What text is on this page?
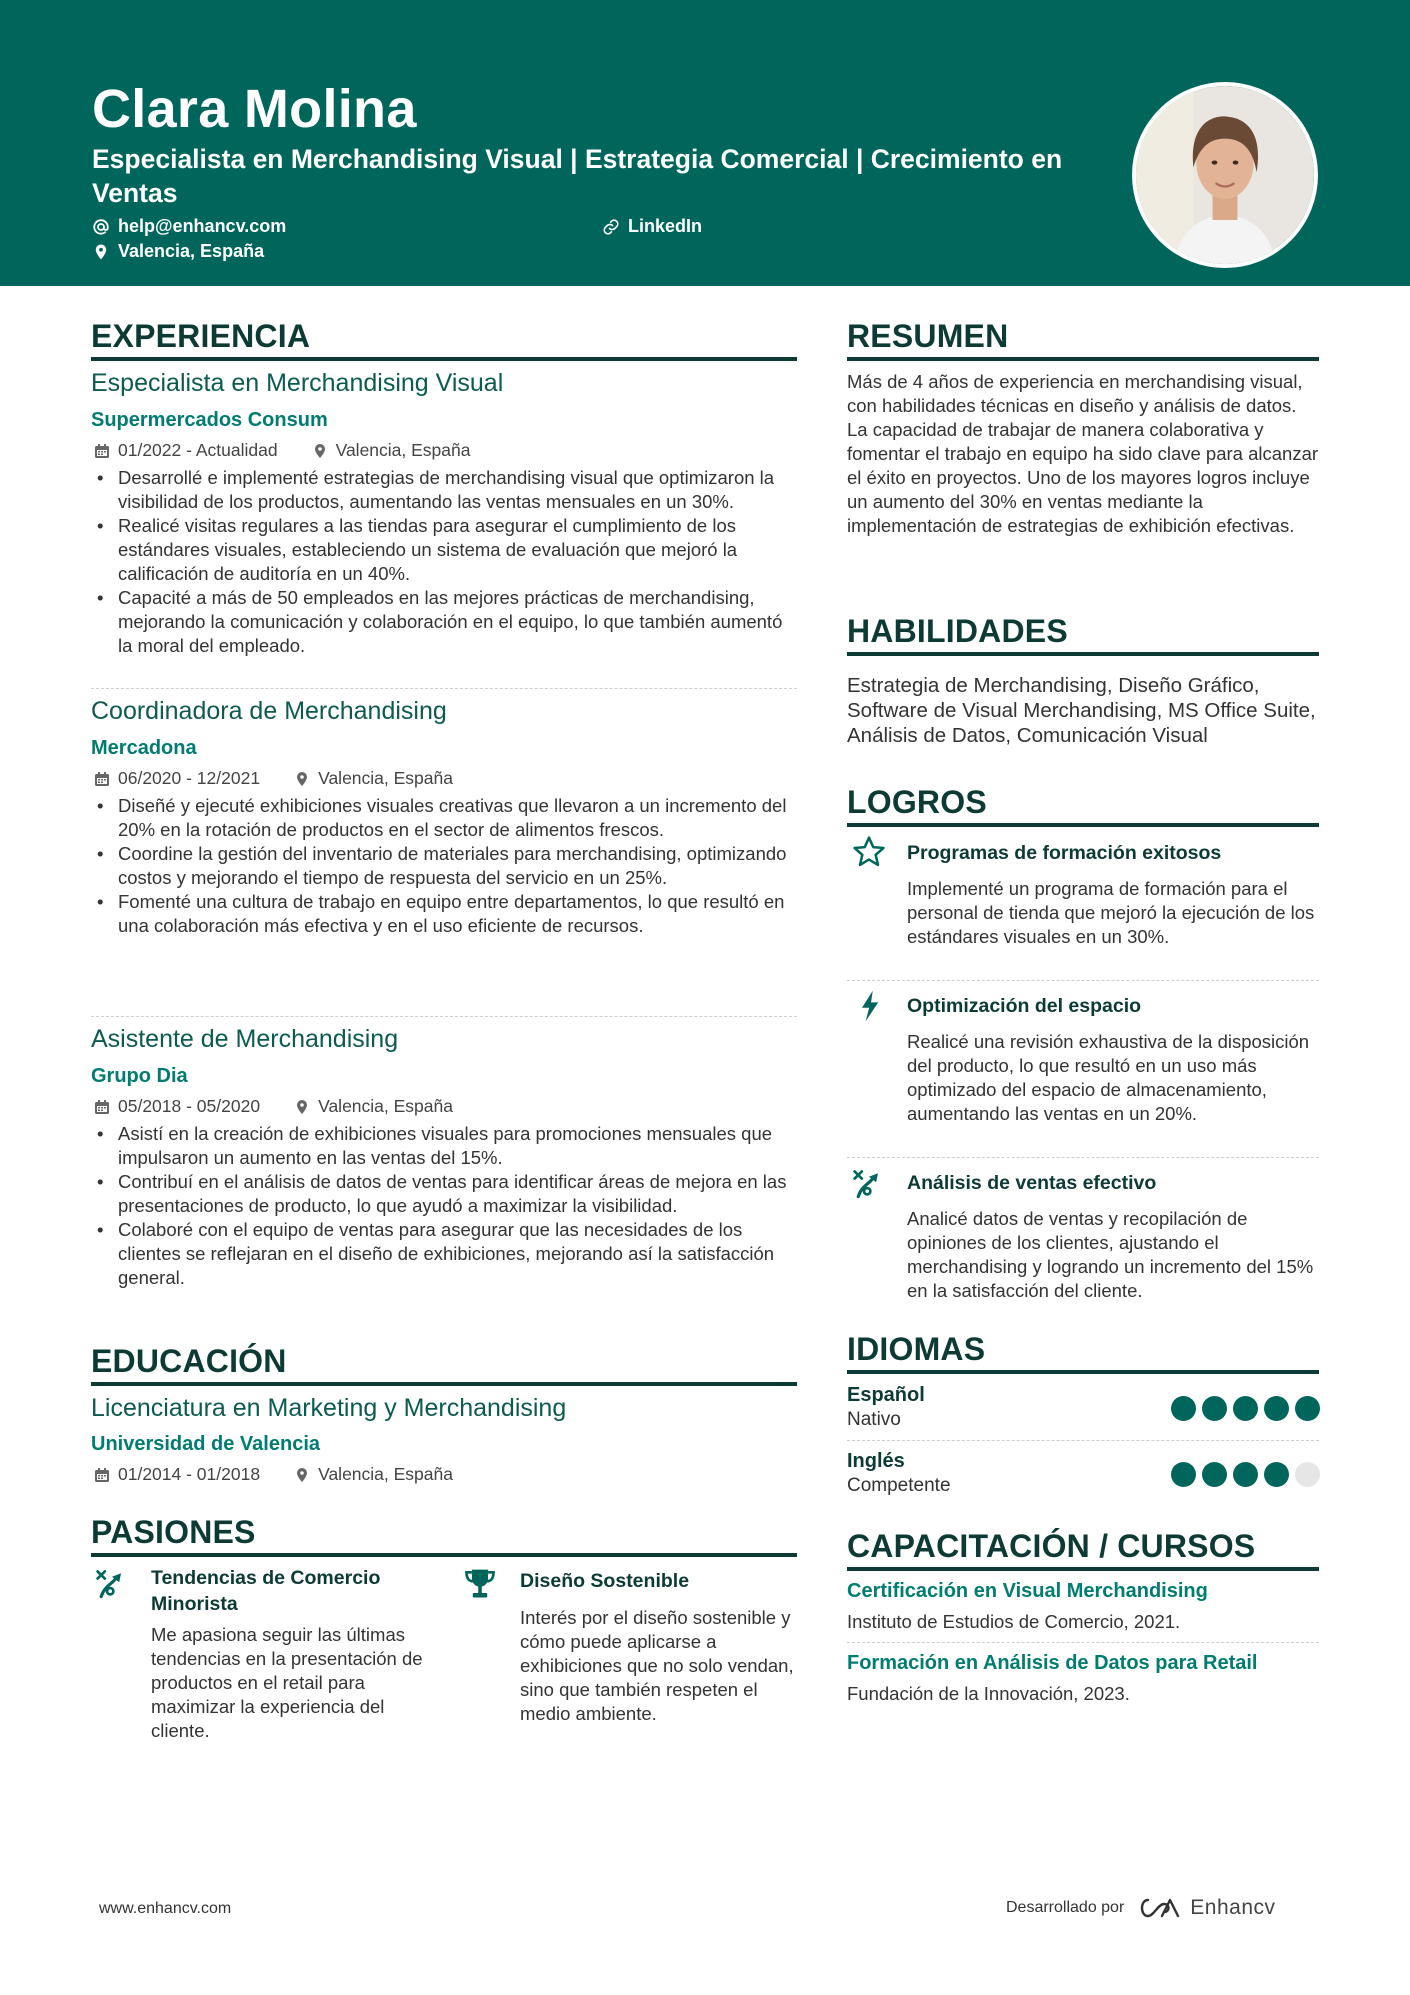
Clara Molina
Especialista en Merchandising Visual | Estrategia Comercial | Crecimiento en Ventas
help@enhancv.com	LinkedIn
Valencia, España
EXPERIENCIA
Especialista en Merchandising Visual
Supermercados Consum
01/2022 - Actualidad	Valencia, España
• Desarrollé e implementé estrategias de merchandising visual que optimizaron la visibilidad de los productos, aumentando las ventas mensuales en un 30%.
• Realicé visitas regulares a las tiendas para asegurar el cumplimiento de los estándares visuales, estableciendo un sistema de evaluación que mejoró la calificación de auditoría en un 40%.
• Capacité a más de 50 empleados en las mejores prácticas de merchandising, mejorando la comunicación y colaboración en el equipo, lo que también aumentó la moral del empleado.
Coordinadora de Merchandising
Mercadona
06/2020 - 12/2021	Valencia, España
• Diseñé y ejecuté exhibiciones visuales creativas que llevaron a un incremento del 20% en la rotación de productos en el sector de alimentos frescos.
• Coordine la gestión del inventario de materiales para merchandising, optimizando costos y mejorando el tiempo de respuesta del servicio en un 25%.
• Fomenté una cultura de trabajo en equipo entre departamentos, lo que resultó en una colaboración más efectiva y en el uso eficiente de recursos.
Asistente de Merchandising
Grupo Dia
05/2018 - 05/2020	Valencia, España
• Asistí en la creación de exhibiciones visuales para promociones mensuales que impulsaron un aumento en las ventas del 15%.
• Contribuí en el análisis de datos de ventas para identificar áreas de mejora en las presentaciones de producto, lo que ayudó a maximizar la visibilidad.
• Colaboré con el equipo de ventas para asegurar que las necesidades de los clientes se reflejaran en el diseño de exhibiciones, mejorando así la satisfacción general.
EDUCACIÓN
Licenciatura en Marketing y Merchandising
Universidad de Valencia
01/2014 - 01/2018	Valencia, España
PASIONES
Tendencias de Comercio Minorista
Me apasiona seguir las últimas tendencias en la presentación de productos en el retail para maximizar la experiencia del cliente.
Diseño Sostenible
Interés por el diseño sostenible y cómo puede aplicarse a exhibiciones que no solo vendan, sino que también respeten el medio ambiente.
RESUMEN
Más de 4 años de experiencia en merchandising visual, con habilidades técnicas en diseño y análisis de datos. La capacidad de trabajar de manera colaborativa y fomentar el trabajo en equipo ha sido clave para alcanzar el éxito en proyectos. Uno de los mayores logros incluye un aumento del 30% en ventas mediante la implementación de estrategias de exhibición efectivas.
HABILIDADES
Estrategia de Merchandising, Diseño Gráfico, Software de Visual Merchandising, MS Office Suite, Análisis de Datos, Comunicación Visual
LOGROS
Programas de formación exitosos
Implementé un programa de formación para el personal de tienda que mejoró la ejecución de los estándares visuales en un 30%.
Optimización del espacio
Realicé una revisión exhaustiva de la disposición del producto, lo que resultó en un uso más optimizado del espacio de almacenamiento, aumentando las ventas en un 20%.
Análisis de ventas efectivo
Analicé datos de ventas y recopilación de opiniones de los clientes, ajustando el merchandising y logrando un incremento del 15% en la satisfacción del cliente.
IDIOMAS
Español
Nativo
Inglés
Competente
CAPACITACIÓN / CURSOS
Certificación en Visual Merchandising
Instituto de Estudios de Comercio, 2021.
Formación en Análisis de Datos para Retail
Fundación de la Innovación, 2023.
www.enhancv.com	Desarrollado por	Enhancv
